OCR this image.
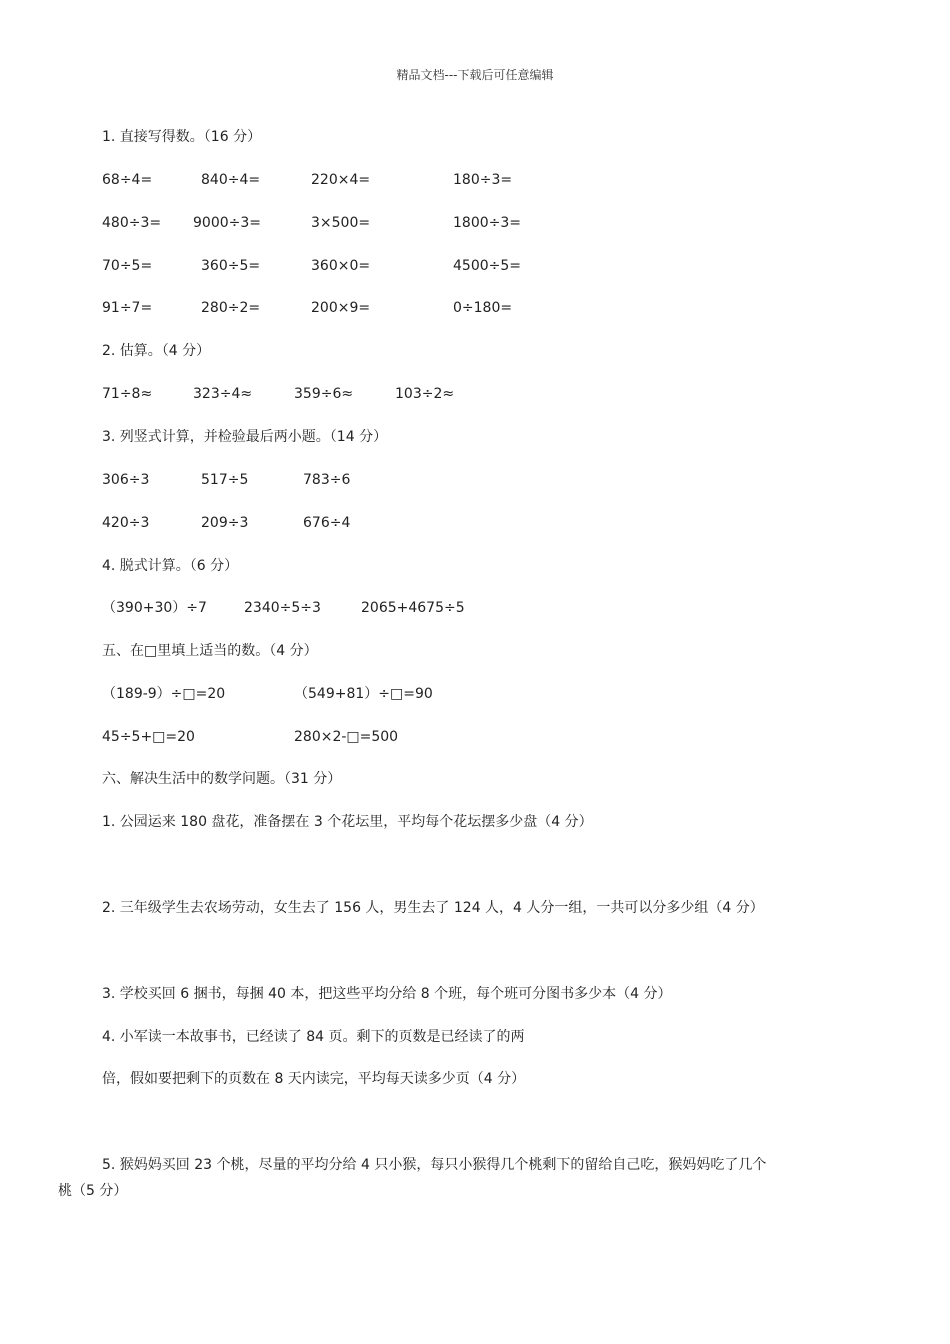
精品文档---下载后可任意编辑
1. 直接写得数。（16 分）
68÷4=	840÷4=	220×4=	180÷3=
480÷3= 9000÷3=	3×500=	1800÷3=
70÷5=	360÷5=	360×0=	4500÷5=
91÷7=	280÷2=	200×9=	0÷180=
2. 估算。（4 分）
71÷8≈	323÷4≈	359÷6≈	103÷2≈
3. 列竖式计算，并检验最后两小题。（14 分）
306÷3	517÷5	783÷6
420÷3	209÷3	676÷4
4. 脱式计算。（6 分）
（390+30）÷7	2340÷5÷3	2065+4675÷5
五、在□里填上适当的数。（4 分）
（189-9）÷□=20	（549+81）÷□=90
45÷5+□=20	280×2-□=500
六、解决生活中的数学问题。（31 分）
1. 公园运来 180 盘花，准备摆在 3 个花坛里，平均每个花坛摆多少盘（4 分）
2. 三年级学生去农场劳动，女生去了 156 人，男生去了 124 人，4 人分一组，一共可以分多少组（4 分）
3. 学校买回 6 捆书，每捆 40 本，把这些平均分给 8 个班，每个班可分图书多少本（4 分）
4. 小军读一本故事书，已经读了 84 页。剩下的页数是已经读了的两
倍，假如要把剩下的页数在 8 天内读完，平均每天读多少页（4 分）
5. 猴妈妈买回 23 个桃，尽量的平均分给 4 只小猴，每只小猴得几个桃剩下的留给自己吃，猴妈妈吃了几个
桃（5 分）
